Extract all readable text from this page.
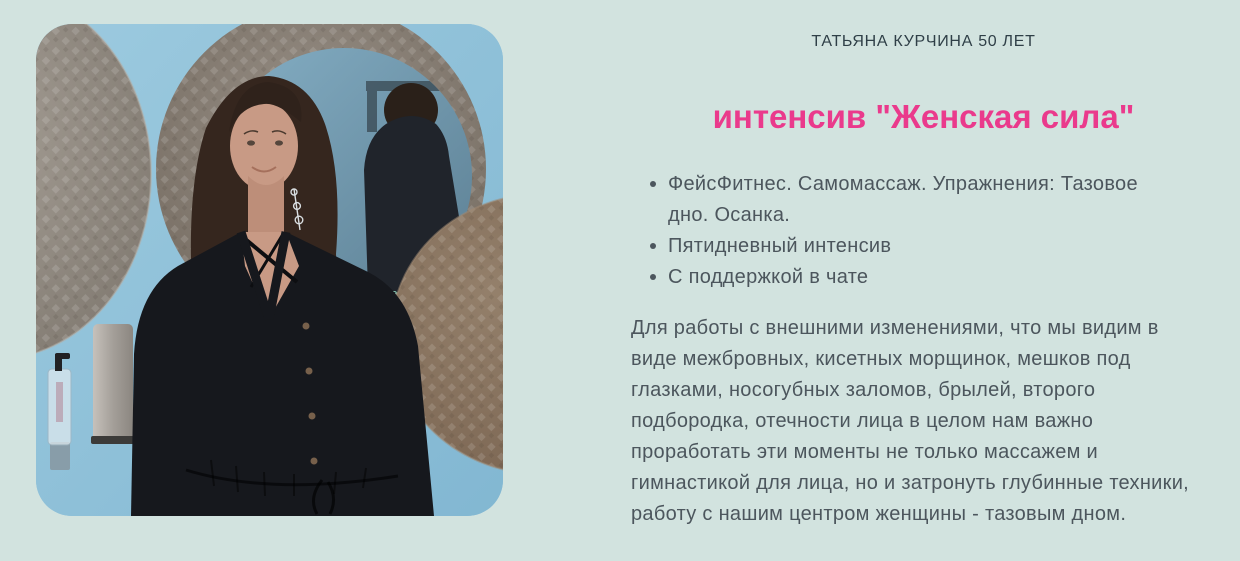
ТАТЬЯНА КУРЧИНА 50 ЛЕТ
интенсив "Женская сила"
ФейсФитнес. Самомассаж. Упражнения: Тазовое дно. Осанка.
Пятидневный интенсив
С поддержкой в чате

Для работы с внешними изменениями, что мы видим в виде межбровных, кисетных морщинок, мешков под глазками, носогубных заломов, брылей, второго подбородка, отечности лица в целом нам важно проработать эти моменты не только массажем и гимнастикой для лица, но и затронуть глубинные техники, работу с нашим центром женщины - тазовым дном.
